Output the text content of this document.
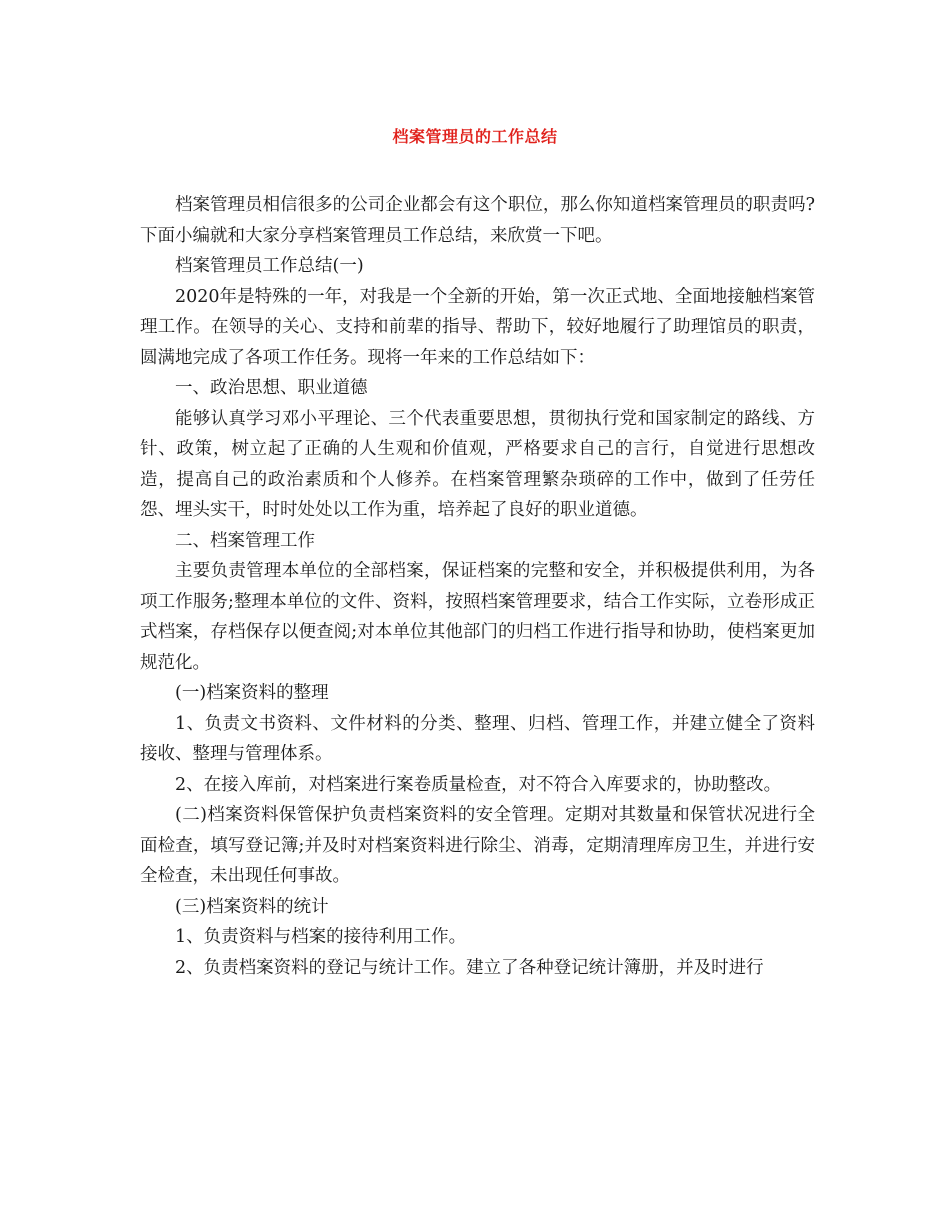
档案管理员的工作总结

档案管理员相信很多的公司企业都会有这个职位，那么你知道档案管理员的职责吗?下面小编就和大家分享档案管理员工作总结，来欣赏一下吧。

档案管理员工作总结(一)

2020年是特殊的一年，对我是一个全新的开始，第一次正式地、全面地接触档案管理工作。在领导的关心、支持和前辈的指导、帮助下，较好地履行了助理馆员的职责，圆满地完成了各项工作任务。现将一年来的工作总结如下：

一、政治思想、职业道德

能够认真学习邓小平理论、三个代表重要思想，贯彻执行党和国家制定的路线、方针、政策，树立起了正确的人生观和价值观，严格要求自己的言行，自觉进行思想改造，提高自己的政治素质和个人修养。在档案管理繁杂琐碎的工作中，做到了任劳任怨、埋头实干，时时处处以工作为重，培养起了良好的职业道德。

二、档案管理工作

主要负责管理本单位的全部档案，保证档案的完整和安全，并积极提供利用，为各项工作服务;整理本单位的文件、资料，按照档案管理要求，结合工作实际，立卷形成正式档案，存档保存以便查阅;对本单位其他部门的归档工作进行指导和协助，使档案更加规范化。

(一)档案资料的整理

1、负责文书资料、文件材料的分类、整理、归档、管理工作，并建立健全了资料接收、整理与管理体系。

2、在接入库前，对档案进行案卷质量检查，对不符合入库要求的，协助整改。

(二)档案资料保管保护负责档案资料的安全管理。定期对其数量和保管状况进行全面检查，填写登记簿;并及时对档案资料进行除尘、消毒，定期清理库房卫生，并进行安全检查，未出现任何事故。

(三)档案资料的统计

1、负责资料与档案的接待利用工作。

2、负责档案资料的登记与统计工作。建立了各种登记统计簿册，并及时进行
